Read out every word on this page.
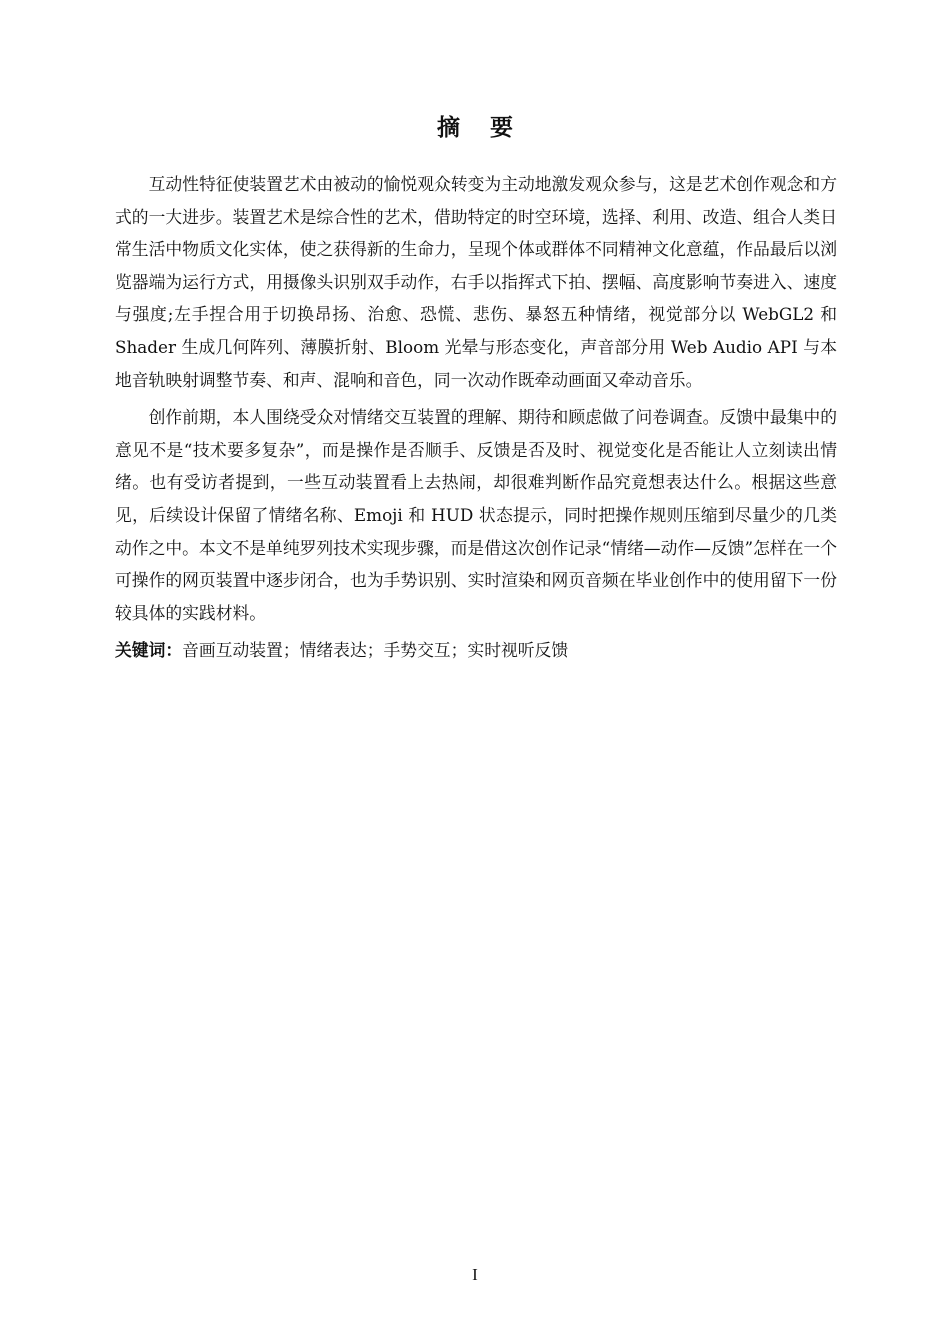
摘要

互动性特征使装置艺术由被动的愉悦观众转变为主动地激发观众参与，这是艺术创作观念和方式的一大进步。装置艺术是综合性的艺术，借助特定的时空环境，选择、利用、改造、组合人类日常生活中物质文化实体，使之获得新的生命力，呈现个体或群体不同精神文化意蕴，作品最后以浏览器端为运行方式，用摄像头识别双手动作，右手以指挥式下拍、摆幅、高度影响节奏进入、速度与强度;左手捏合用于切换昂扬、治愈、恐慌、悲伤、暴怒五种情绪，视觉部分以 WebGL2 和 Shader 生成几何阵列、薄膜折射、Bloom 光晕与形态变化，声音部分用 Web Audio API 与本地音轨映射调整节奏、和声、混响和音色，同一次动作既牵动画面又牵动音乐。

创作前期，本人围绕受众对情绪交互装置的理解、期待和顾虑做了问卷调查。反馈中最集中的意见不是“技术要多复杂”，而是操作是否顺手、反馈是否及时、视觉变化是否能让人立刻读出情绪。也有受访者提到，一些互动装置看上去热闹，却很难判断作品究竟想表达什么。根据这些意见，后续设计保留了情绪名称、Emoji 和 HUD 状态提示，同时把操作规则压缩到尽量少的几类动作之中。本文不是单纯罗列技术实现步骤，而是借这次创作记录“情绪—动作—反馈”怎样在一个可操作的网页装置中逐步闭合，也为手势识别、实时渲染和网页音频在毕业创作中的使用留下一份较具体的实践材料。

关键词：音画互动装置；情绪表达；手势交互；实时视听反馈
I
